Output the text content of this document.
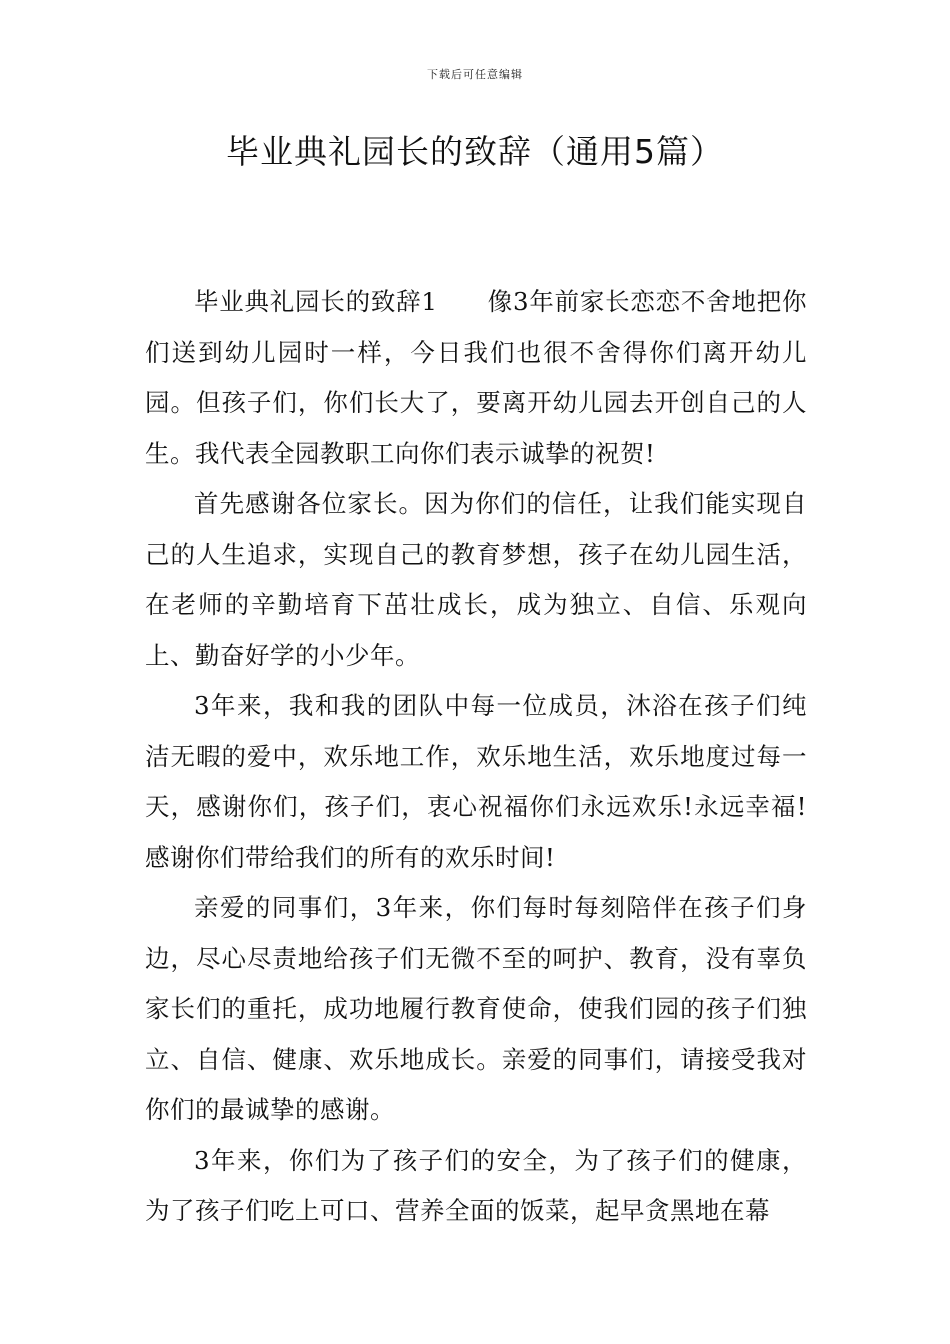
下载后可任意编辑
毕业典礼园长的致辞（通用5篇）

毕业典礼园长的致辞1 像3年前家长恋恋不舍地把你们送到幼儿园时一样，今日我们也很不舍得你们离开幼儿园。但孩子们，你们长大了，要离开幼儿园去开创自己的人生。我代表全园教职工向你们表示诚挚的祝贺!

首先感谢各位家长。因为你们的信任，让我们能实现自己的人生追求，实现自己的教育梦想，孩子在幼儿园生活，在老师的辛勤培育下茁壮成长，成为独立、自信、乐观向上、勤奋好学的小少年。

3年来，我和我的团队中每一位成员，沐浴在孩子们纯洁无暇的爱中，欢乐地工作，欢乐地生活，欢乐地度过每一天，感谢你们，孩子们，衷心祝福你们永远欢乐!永远幸福!感谢你们带给我们的所有的欢乐时间!

亲爱的同事们，3年来，你们每时每刻陪伴在孩子们身边，尽心尽责地给孩子们无微不至的呵护、教育，没有辜负家长们的重托，成功地履行教育使命，使我们园的孩子们独立、自信、健康、欢乐地成长。亲爱的同事们，请接受我对你们的最诚挚的感谢。

3年来，你们为了孩子们的安全，为了孩子们的健康，为了孩子们吃上可口、营养全面的饭菜，起早贪黑地在幕
